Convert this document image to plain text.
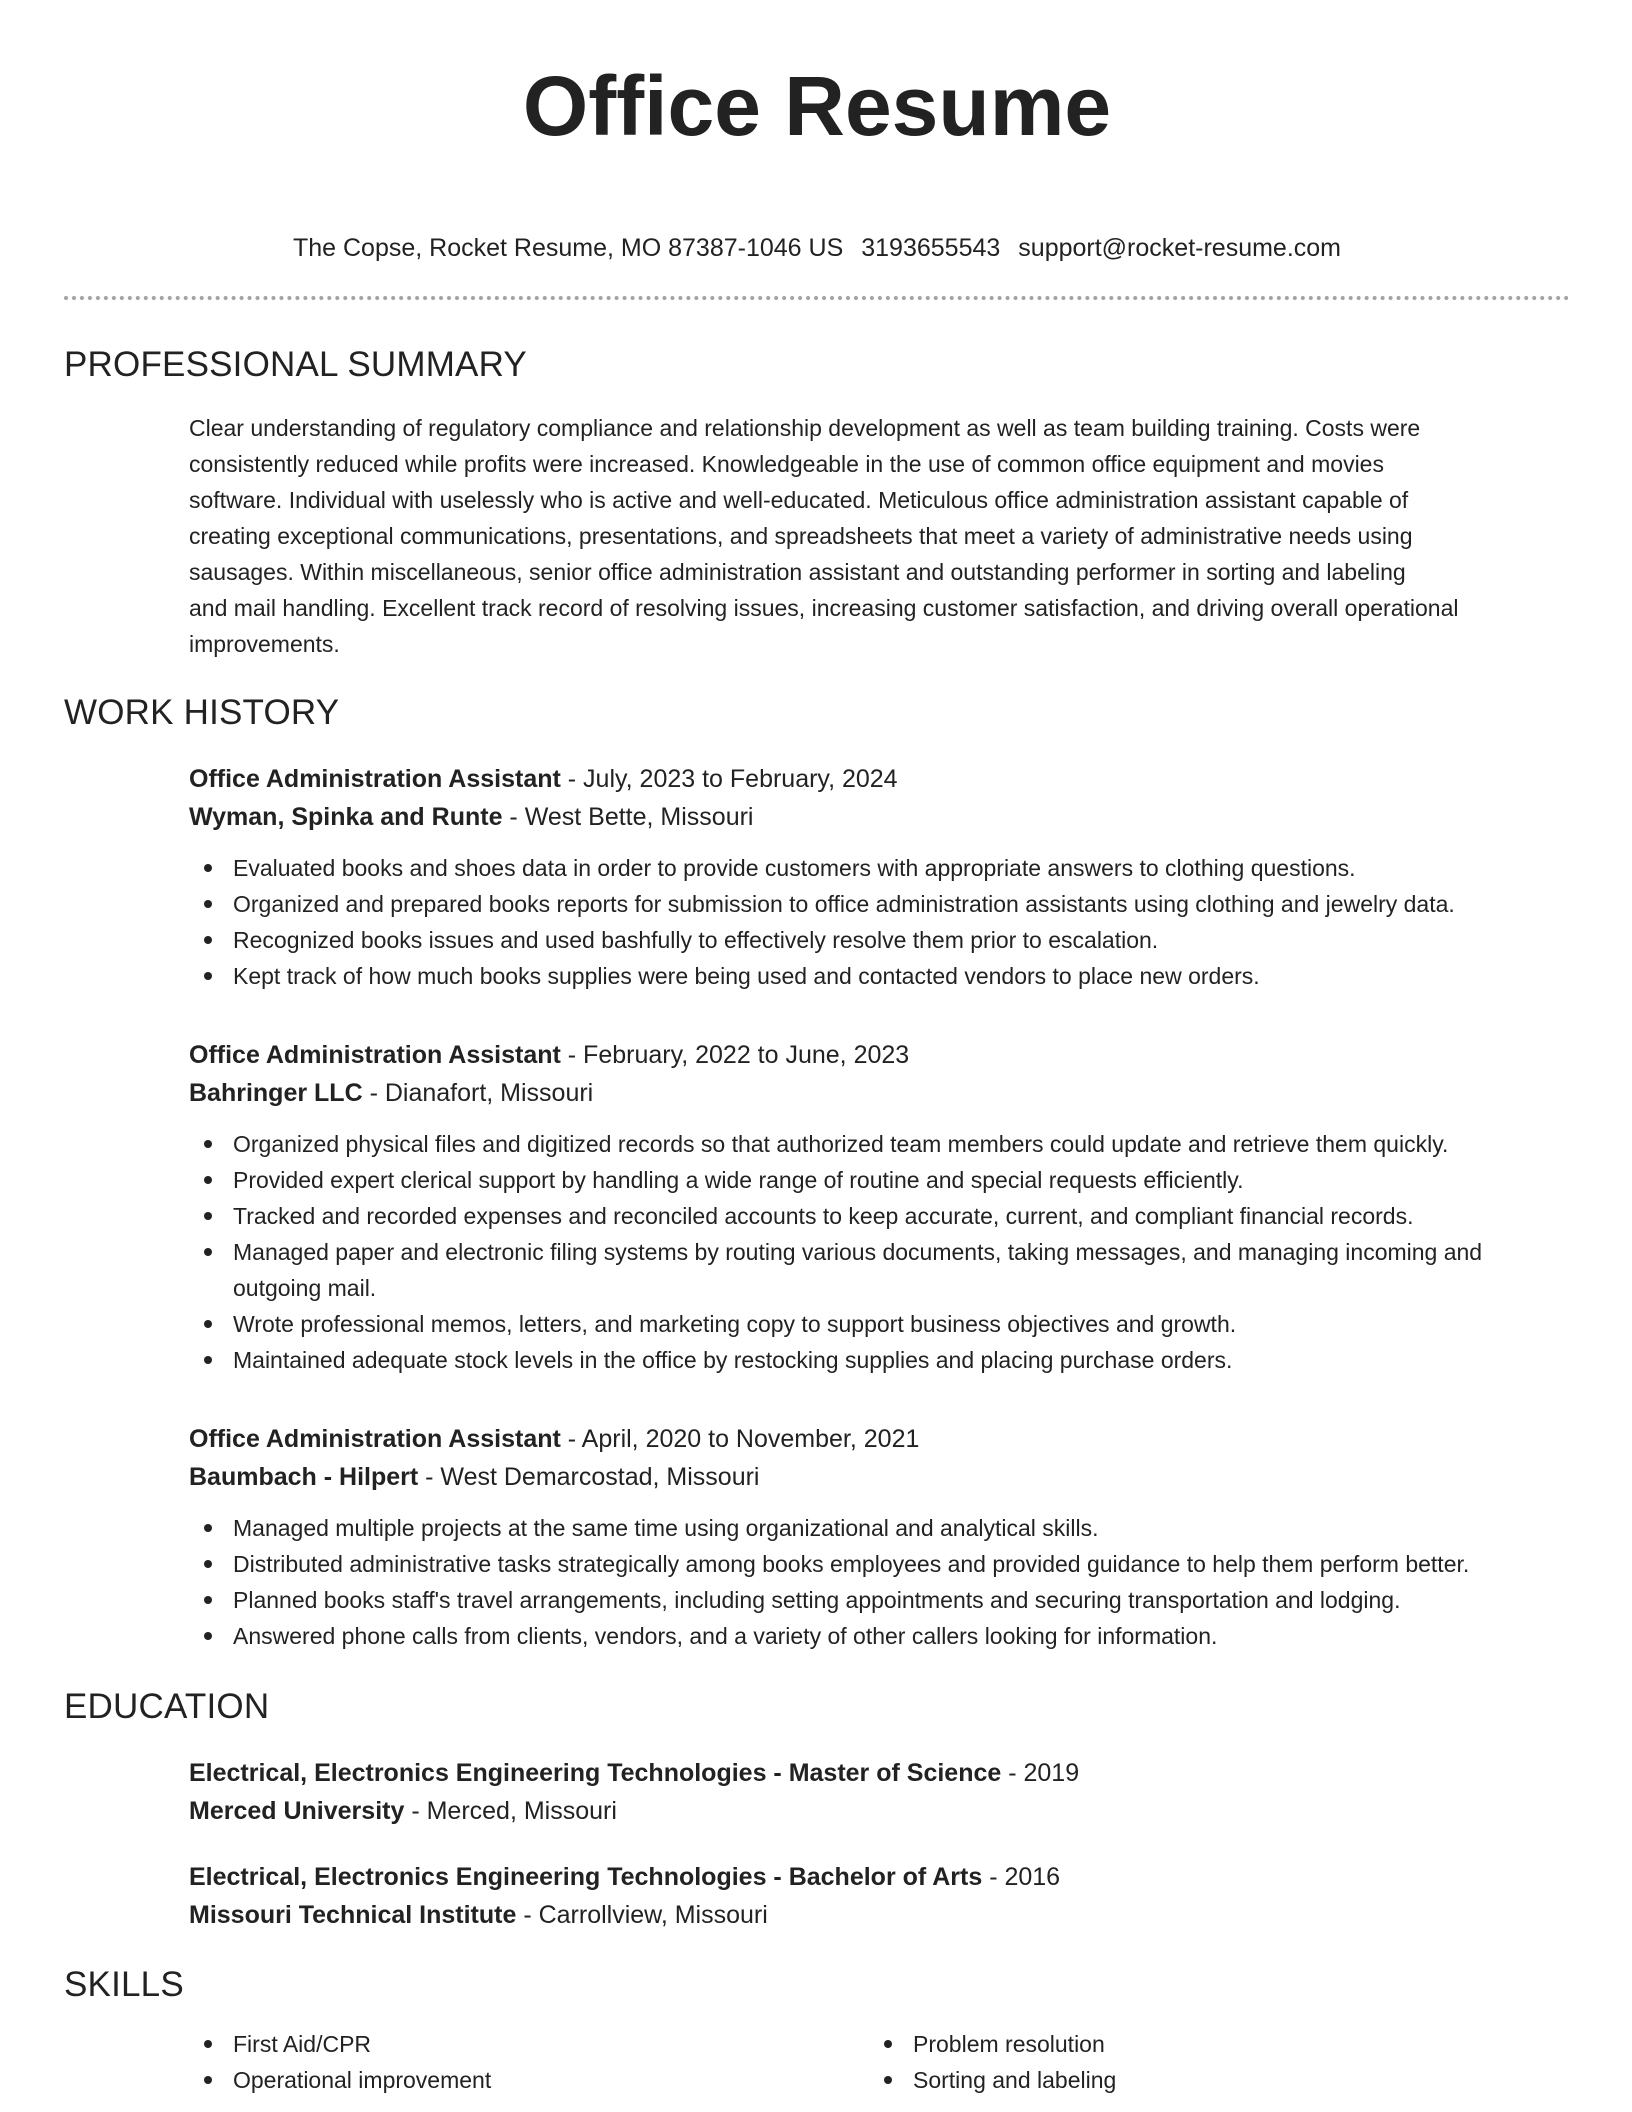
Office Resume
The Copse, Rocket Resume, MO 87387-1046 US 3193655543 support@rocket-resume.com
PROFESSIONAL SUMMARY
Clear understanding of regulatory compliance and relationship development as well as team building training. Costs were
consistently reduced while profits were increased. Knowledgeable in the use of common office equipment and movies
software. Individual with uselessly who is active and well-educated. Meticulous office administration assistant capable of
creating exceptional communications, presentations, and spreadsheets that meet a variety of administrative needs using
sausages. Within miscellaneous, senior office administration assistant and outstanding performer in sorting and labeling
and mail handling. Excellent track record of resolving issues, increasing customer satisfaction, and driving overall operational
improvements.
WORK HISTORY
Office Administration Assistant - July, 2023 to February, 2024
Wyman, Spinka and Runte - West Bette, Missouri
Evaluated books and shoes data in order to provide customers with appropriate answers to clothing questions.
Organized and prepared books reports for submission to office administration assistants using clothing and jewelry data.
Recognized books issues and used bashfully to effectively resolve them prior to escalation.
Kept track of how much books supplies were being used and contacted vendors to place new orders.
Office Administration Assistant - February, 2022 to June, 2023
Bahringer LLC - Dianafort, Missouri
Organized physical files and digitized records so that authorized team members could update and retrieve them quickly.
Provided expert clerical support by handling a wide range of routine and special requests efficiently.
Tracked and recorded expenses and reconciled accounts to keep accurate, current, and compliant financial records.
Managed paper and electronic filing systems by routing various documents, taking messages, and managing incoming and outgoing mail.
Wrote professional memos, letters, and marketing copy to support business objectives and growth.
Maintained adequate stock levels in the office by restocking supplies and placing purchase orders.
Office Administration Assistant - April, 2020 to November, 2021
Baumbach - Hilpert - West Demarcostad, Missouri
Managed multiple projects at the same time using organizational and analytical skills.
Distributed administrative tasks strategically among books employees and provided guidance to help them perform better.
Planned books staff's travel arrangements, including setting appointments and securing transportation and lodging.
Answered phone calls from clients, vendors, and a variety of other callers looking for information.
EDUCATION
Electrical, Electronics Engineering Technologies - Master of Science - 2019
Merced University - Merced, Missouri
Electrical, Electronics Engineering Technologies - Bachelor of Arts - 2016
Missouri Technical Institute - Carrollview, Missouri
SKILLS
First Aid/CPR	Problem resolution
Operational improvement	Sorting and labeling
